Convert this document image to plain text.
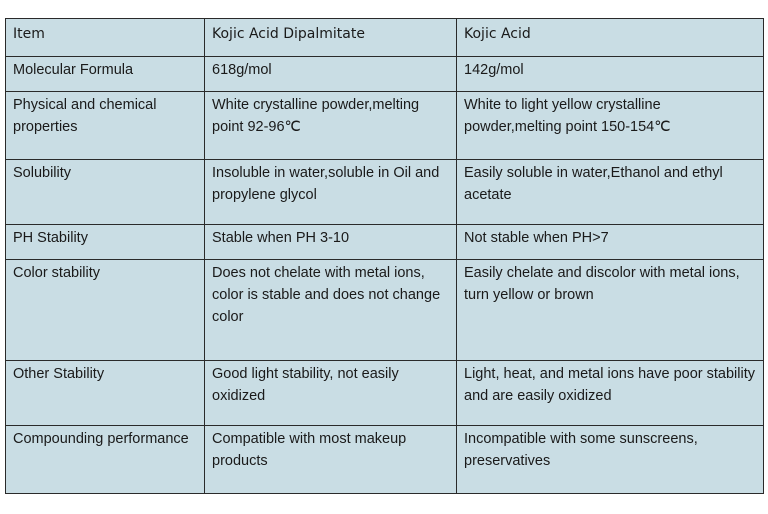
Item	Kojic Acid Dipalmitate	Kojic Acid
Molecular Formula	618g/mol	142g/mol
Physical and chemical properties	White crystalline powder,melting point 92-96℃	White to light yellow crystalline powder,melting point 150-154℃
Solubility	Insoluble in water,soluble in Oil and propylene glycol	Easily soluble in water,Ethanol and ethyl acetate
PH Stability	Stable when PH 3-10	Not stable when PH>7
Color stability	Does not chelate with metal ions, color is stable and does not change color	Easily chelate and discolor with metal ions, turn yellow or brown
Other Stability	Good light stability, not easily oxidized	Light, heat, and metal ions have poor stability and are easily oxidized
Compounding performance	Compatible with most makeup products	Incompatible with some sunscreens, preservatives
